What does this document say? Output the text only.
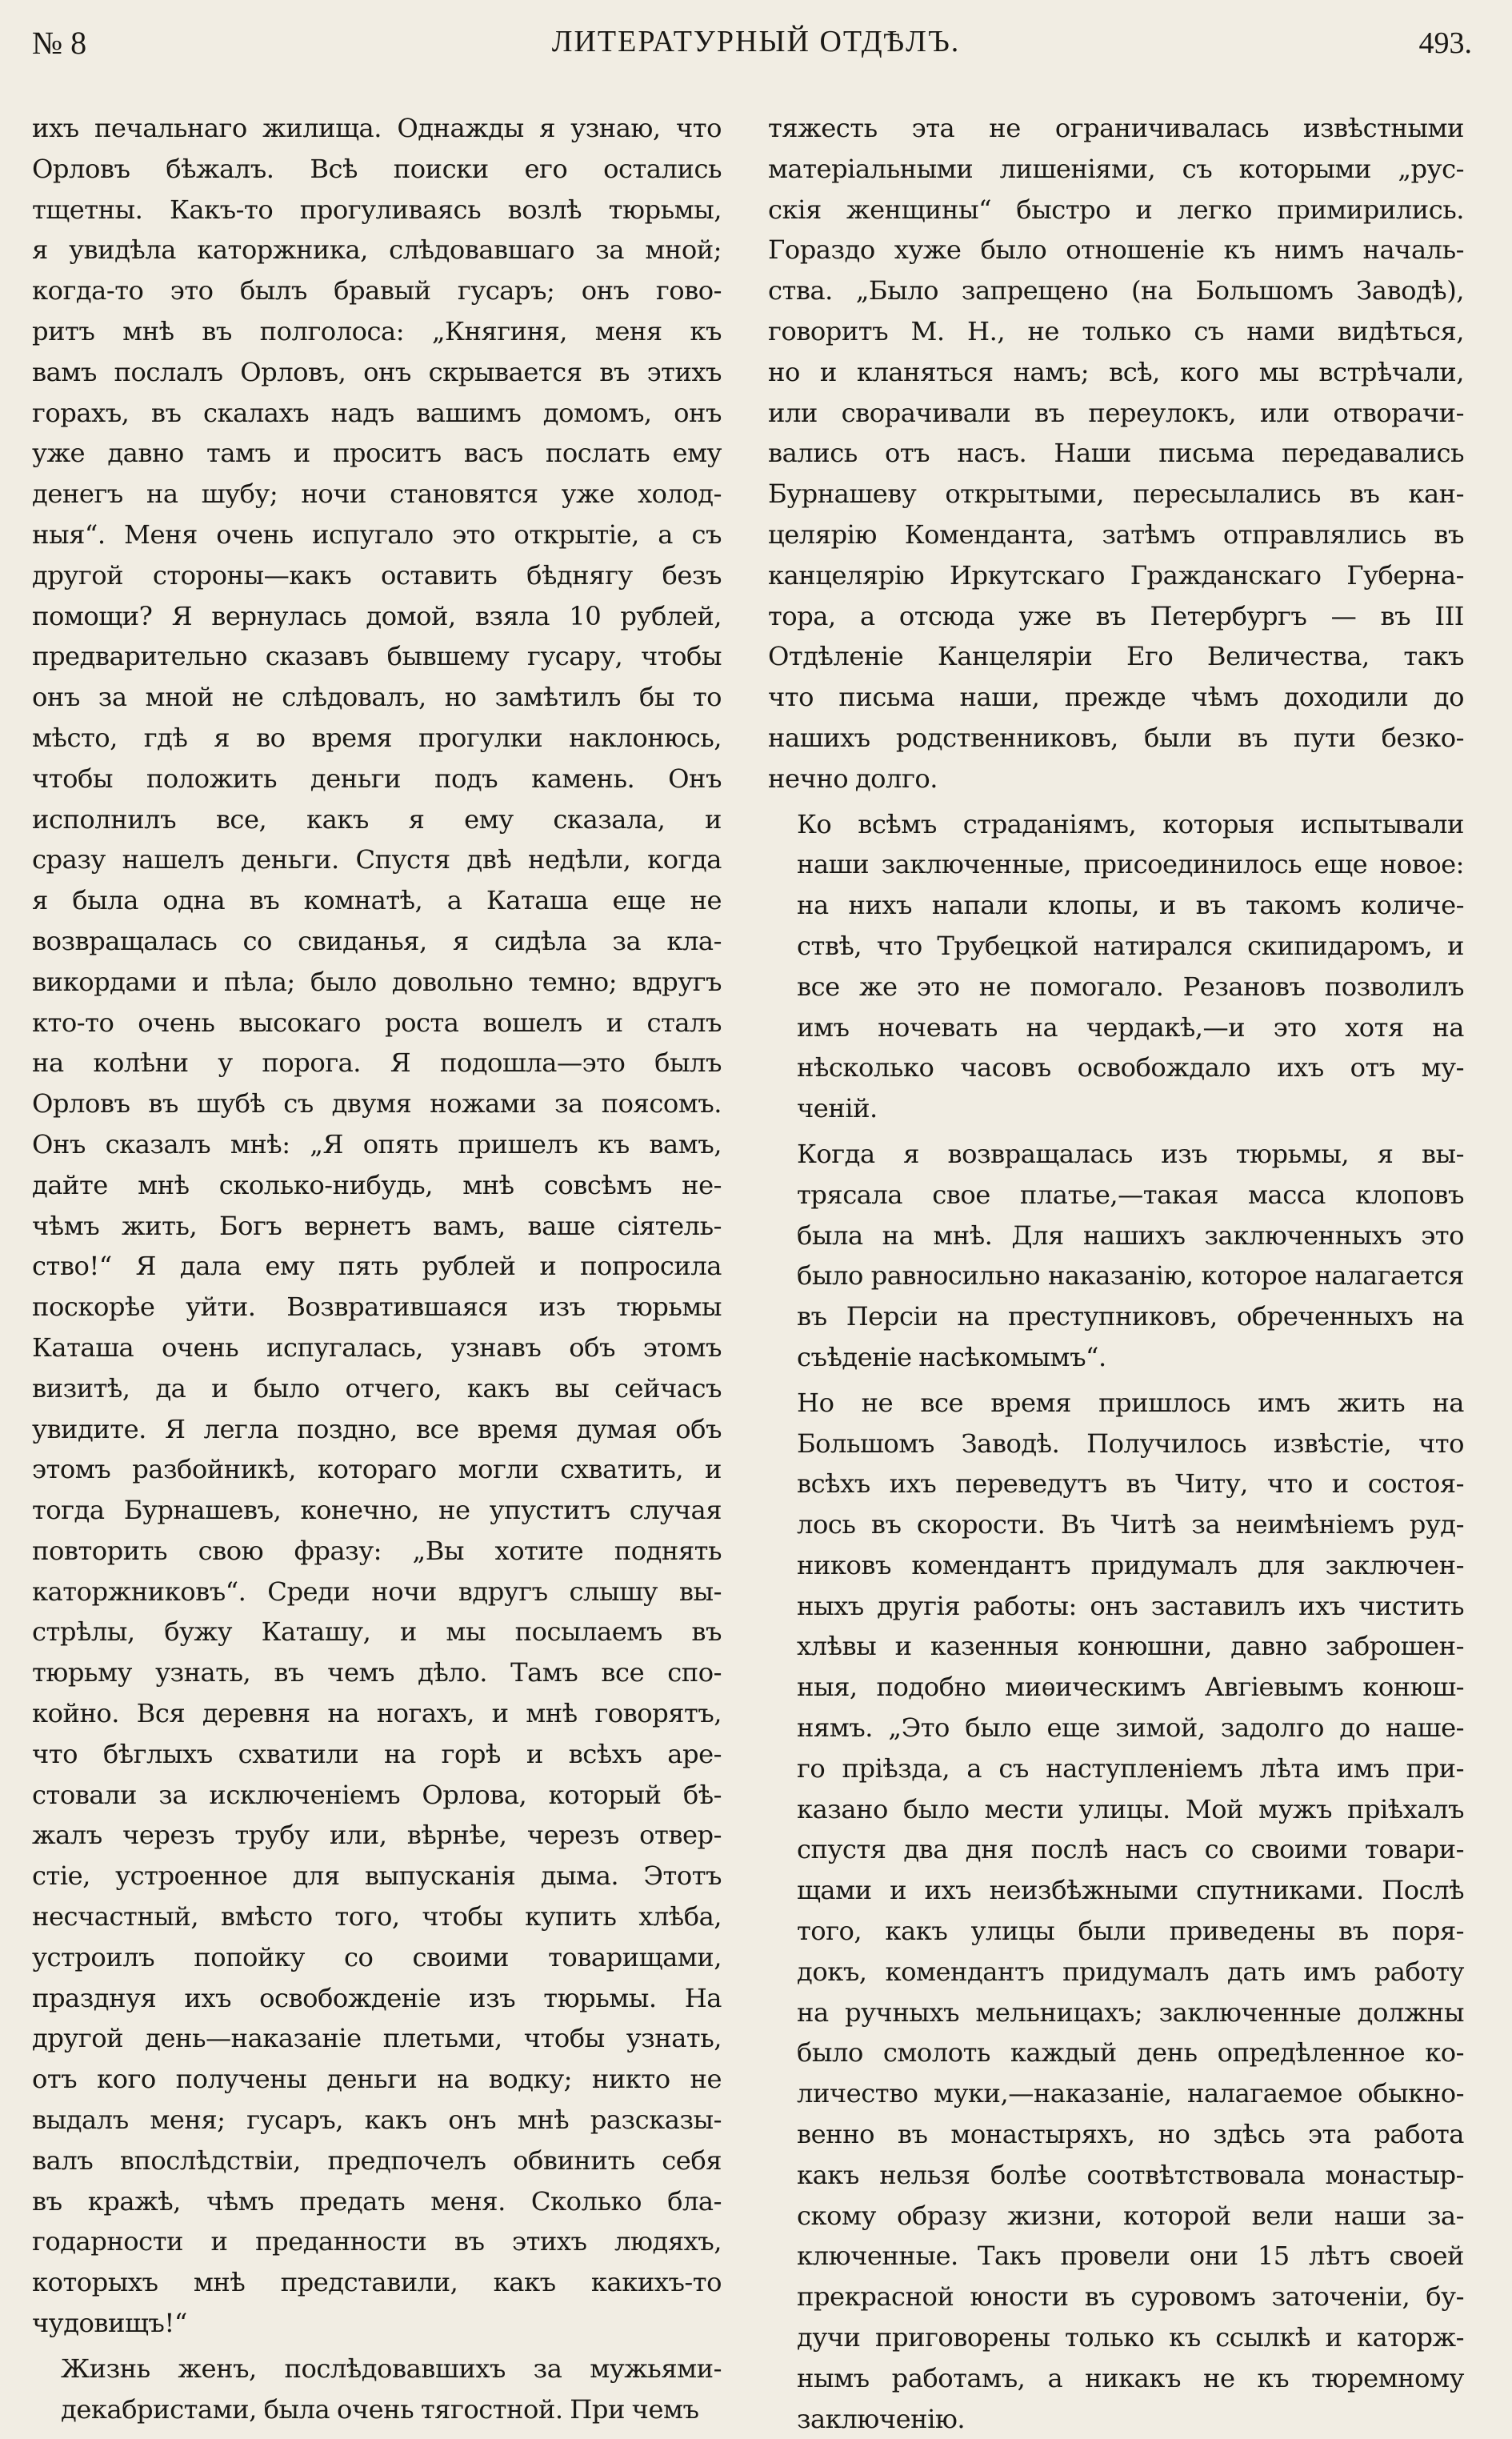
№ 8	ЛИТЕРАТУРНЫЙ ОТДѢЛЪ.	493.

ихъ печальнаго жилища. Однажды я узнаю, что
Орловъ бѣжалъ. Всѣ поиски его остались
тщетны. Какъ-то прогуливаясь возлѣ тюрьмы,
я увидѣла каторжника, слѣдовавшаго за мной;
когда-то это былъ бравый гусаръ; онъ гово-
ритъ мнѣ въ полголоса: „Княгиня, меня къ
вамъ послалъ Орловъ, онъ скрывается въ этихъ
горахъ, въ скалахъ надъ вашимъ домомъ, онъ
уже давно тамъ и проситъ васъ послать ему
денегъ на шубу; ночи становятся уже холод-
ныя“. Меня очень испугало это открытіе, а съ
другой стороны—какъ оставить бѣднягу безъ
помощи? Я вернулась домой, взяла 10 рублей,
предварительно сказавъ бывшему гусару, чтобы
онъ за мной не слѣдовалъ, но замѣтилъ бы то
мѣсто, гдѣ я во время прогулки наклонюсь,
чтобы положить деньги подъ камень. Онъ
исполнилъ все, какъ я ему сказала, и
сразу нашелъ деньги. Спустя двѣ недѣли, когда
я была одна въ комнатѣ, а Каташа еще не
возвращалась со свиданья, я сидѣла за кла-
викордами и пѣла; было довольно темно; вдругъ
кто-то очень высокаго роста вошелъ и сталъ
на колѣни у порога. Я подошла—это былъ
Орловъ въ шубѣ съ двумя ножами за поясомъ.
Онъ сказалъ мнѣ: „Я опять пришелъ къ вамъ,
дайте мнѣ сколько-нибудь, мнѣ совсѣмъ не-
чѣмъ жить, Богъ вернетъ вамъ, ваше сіятель-
ство!“ Я дала ему пять рублей и попросила
поскорѣе уйти. Возвратившаяся изъ тюрьмы
Каташа очень испугалась, узнавъ объ этомъ
визитѣ, да и было отчего, какъ вы сейчасъ
увидите. Я легла поздно, все время думая объ
этомъ разбойникѣ, котораго могли схватить, и
тогда Бурнашевъ, конечно, не упуститъ случая
повторить свою фразу: „Вы хотите поднять
каторжниковъ“. Среди ночи вдругъ слышу вы-
стрѣлы, бужу Каташу, и мы посылаемъ въ
тюрьму узнать, въ чемъ дѣло. Тамъ все спо-
койно. Вся деревня на ногахъ, и мнѣ говорятъ,
что бѣглыхъ схватили на горѣ и всѣхъ аре-
стовали за исключеніемъ Орлова, который бѣ-
жалъ черезъ трубу или, вѣрнѣе, черезъ отвер-
стіе, устроенное для выпусканія дыма. Этотъ
несчастный, вмѣсто того, чтобы купить хлѣба,
устроилъ попойку со своими товарищами,
празднуя ихъ освобожденіе изъ тюрьмы. На
другой день—наказаніе плетьми, чтобы узнать,
отъ кого получены деньги на водку; никто не
выдалъ меня; гусаръ, какъ онъ мнѣ разсказы-
валъ впослѣдствіи, предпочелъ обвинить себя
въ кражѣ, чѣмъ предать меня. Сколько бла-
годарности и преданности въ этихъ людяхъ,
которыхъ мнѣ представили, какъ какихъ-то
чудовищъ!“

Жизнь женъ, послѣдовавшихъ за мужьями-
декабристами, была очень тягостной. При чемъ

тяжесть эта не ограничивалась извѣстными
матеріальными лишеніями, съ которыми „рус-
скія женщины“ быстро и легко примирились.
Гораздо хуже было отношеніе къ нимъ началь-
ства. „Было запрещено (на Большомъ Заводѣ),
говоритъ М. Н., не только съ нами видѣться,
но и кланяться намъ; всѣ, кого мы встрѣчали,
или сворачивали въ переулокъ, или отворачи-
вались отъ насъ. Наши письма передавались
Бурнашеву открытыми, пересылались въ кан-
целярію Коменданта, затѣмъ отправлялись въ
канцелярію Иркутскаго Гражданскаго Губерна-
тора, а отсюда уже въ Петербургъ — въ III
Отдѣленіе Канцеляріи Его Величества, такъ
что письма наши, прежде чѣмъ доходили до
нашихъ родственниковъ, были въ пути безко-
нечно долго.

Ко всѣмъ страданіямъ, которыя испытывали
наши заключенные, присоединилось еще новое:
на нихъ напали клопы, и въ такомъ количе-
ствѣ, что Трубецкой натирался скипидаромъ, и
все же это не помогало. Резановъ позволилъ
имъ ночевать на чердакѣ,—и это хотя на
нѣсколько часовъ освобождало ихъ отъ му-
ченій.

Когда я возвращалась изъ тюрьмы, я вы-
трясала свое платье,—такая масса клоповъ
была на мнѣ. Для нашихъ заключенныхъ это
было равносильно наказанію, которое налагается
въ Персіи на преступниковъ, обреченныхъ на
съѣденіе насѣкомымъ“.

Но не все время пришлось имъ жить на
Большомъ Заводѣ. Получилось извѣстіе, что
всѣхъ ихъ переведутъ въ Читу, что и состоя-
лось въ скорости. Въ Читѣ за неимѣніемъ руд-
никовъ комендантъ придумалъ для заключен-
ныхъ другія работы: онъ заставилъ ихъ чистить
хлѣвы и казенныя конюшни, давно заброшен-
ныя, подобно миѳическимъ Авгіевымъ конюш-
нямъ. „Это было еще зимой, задолго до наше-
го пріѣзда, а съ наступленіемъ лѣта имъ при-
казано было мести улицы. Мой мужъ пріѣхалъ
спустя два дня послѣ насъ со своими товари-
щами и ихъ неизбѣжными спутниками. Послѣ
того, какъ улицы были приведены въ поря-
докъ, комендантъ придумалъ дать имъ работу
на ручныхъ мельницахъ; заключенные должны
было смолоть каждый день опредѣленное ко-
личество муки,—наказаніе, налагаемое обыкно-
венно въ монастыряхъ, но здѣсь эта работа
какъ нельзя болѣе соотвѣтствовала монастыр-
скому образу жизни, которой вели наши за-
ключенные. Такъ провели они 15 лѣтъ своей
прекрасной юности въ суровомъ заточеніи, бу-
дучи приговорены только къ ссылкѣ и каторж-
нымъ работамъ, а никакъ не къ тюремному
заключенію.
